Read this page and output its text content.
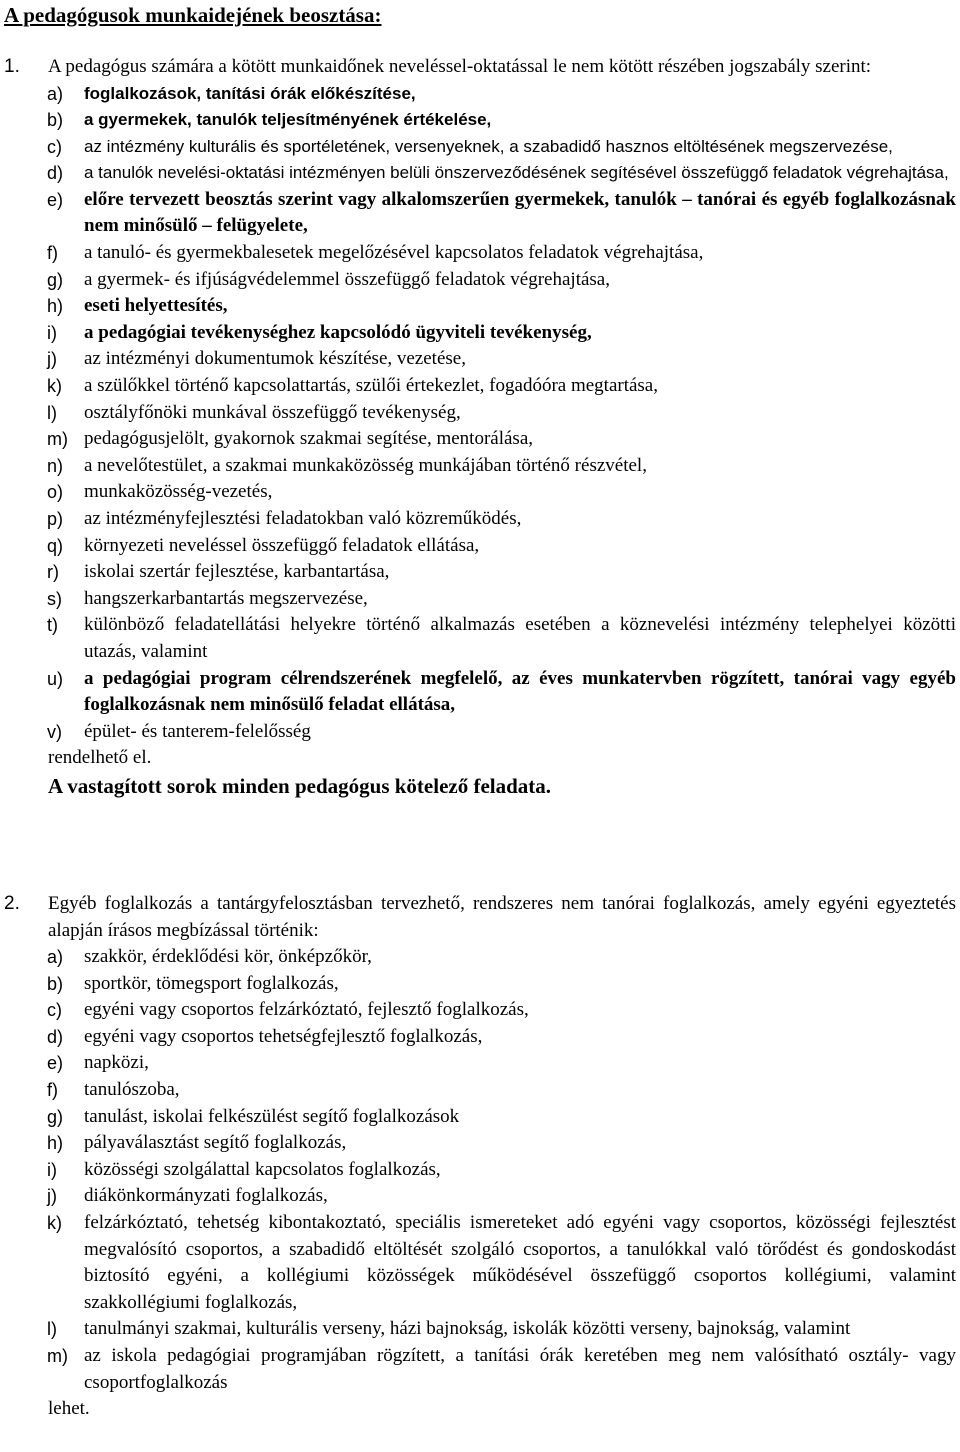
A pedagógusok munkaidejének beosztása:
1. A pedagógus számára a kötött munkaidőnek neveléssel-oktatással le nem kötött részében jogszabály szerint:
a) foglalkozások, tanítási órák előkészítése,
b) a gyermekek, tanulók teljesítményének értékelése,
c) az intézmény kulturális és sportéletének, versenyeknek, a szabadidő hasznos eltöltésének megszervezése,
d) a tanulók nevelési-oktatási intézményen belüli önszerveződésének segítésével összefüggő feladatok végrehajtása,
e) előre tervezett beosztás szerint vagy alkalomszerűen gyermekek, tanulók – tanórai és egyéb foglalkozásnak nem minősülő – felügyelete,
f) a tanuló- és gyermekbalesetek megelőzésével kapcsolatos feladatok végrehajtása,
g) a gyermek- és ifjúságvédelemmel összefüggő feladatok végrehajtása,
h) eseti helyettesítés,
i) a pedagógiai tevékenységhez kapcsolódó ügyviteli tevékenység,
j) az intézményi dokumentumok készítése, vezetése,
k) a szülőkkel történő kapcsolattartás, szülői értekezlet, fogadóóra megtartása,
l) osztályfőnöki munkával összefüggő tevékenység,
m) pedagógusjelölt, gyakornok szakmai segítése, mentorálása,
n) a nevelőtestület, a szakmai munkaközösség munkájában történő részvétel,
o) munkaközösség-vezetés,
p) az intézményfejlesztési feladatokban való közreműködés,
q) környezeti neveléssel összefüggő feladatok ellátása,
r) iskolai szertár fejlesztése, karbantartása,
s) hangszerkarbantartás megszervezése,
t) különböző feladatellátási helyekre történő alkalmazás esetében a köznevelési intézmény telephelyei közötti utazás, valamint
u) a pedagógiai program célrendszerének megfelelő, az éves munkatervben rögzített, tanórai vagy egyéb foglalkozásnak nem minősülő feladat ellátása,
v) épület- és tanterem-felelősség
rendelhető el.
A vastagított sorok minden pedagógus kötelező feladata.
2. Egyéb foglalkozás a tantárgyfelosztásban tervezhető, rendszeres nem tanórai foglalkozás, amely egyéni egyeztetés alapján írásos megbízással történik:
a) szakkör, érdeklődési kör, önképzőkör,
b) sportkör, tömegsport foglalkozás,
c) egyéni vagy csoportos felzárkóztató, fejlesztő foglalkozás,
d) egyéni vagy csoportos tehetségfejlesztő foglalkozás,
e) napközi,
f) tanulószoba,
g) tanulást, iskolai felkészülést segítő foglalkozások
h) pályaválasztást segítő foglalkozás,
i) közösségi szolgálattal kapcsolatos foglalkozás,
j) diákönkormányzati foglalkozás,
k) felzárkóztató, tehetség kibontakoztató, speciális ismereteket adó egyéni vagy csoportos, közösségi fejlesztést megvalósító csoportos, a szabadidő eltöltését szolgáló csoportos, a tanulókkal való törődést és gondoskodást biztosító egyéni, a kollégiumi közösségek működésével összefüggő csoportos kollégiumi, valamint szakkollégiumi foglalkozás,
l) tanulmányi szakmai, kulturális verseny, házi bajnokság, iskolák közötti verseny, bajnokság, valamint
m) az iskola pedagógiai programjában rögzített, a tanítási órák keretében meg nem valósítható osztály- vagy csoportfoglalkozás
lehet.
